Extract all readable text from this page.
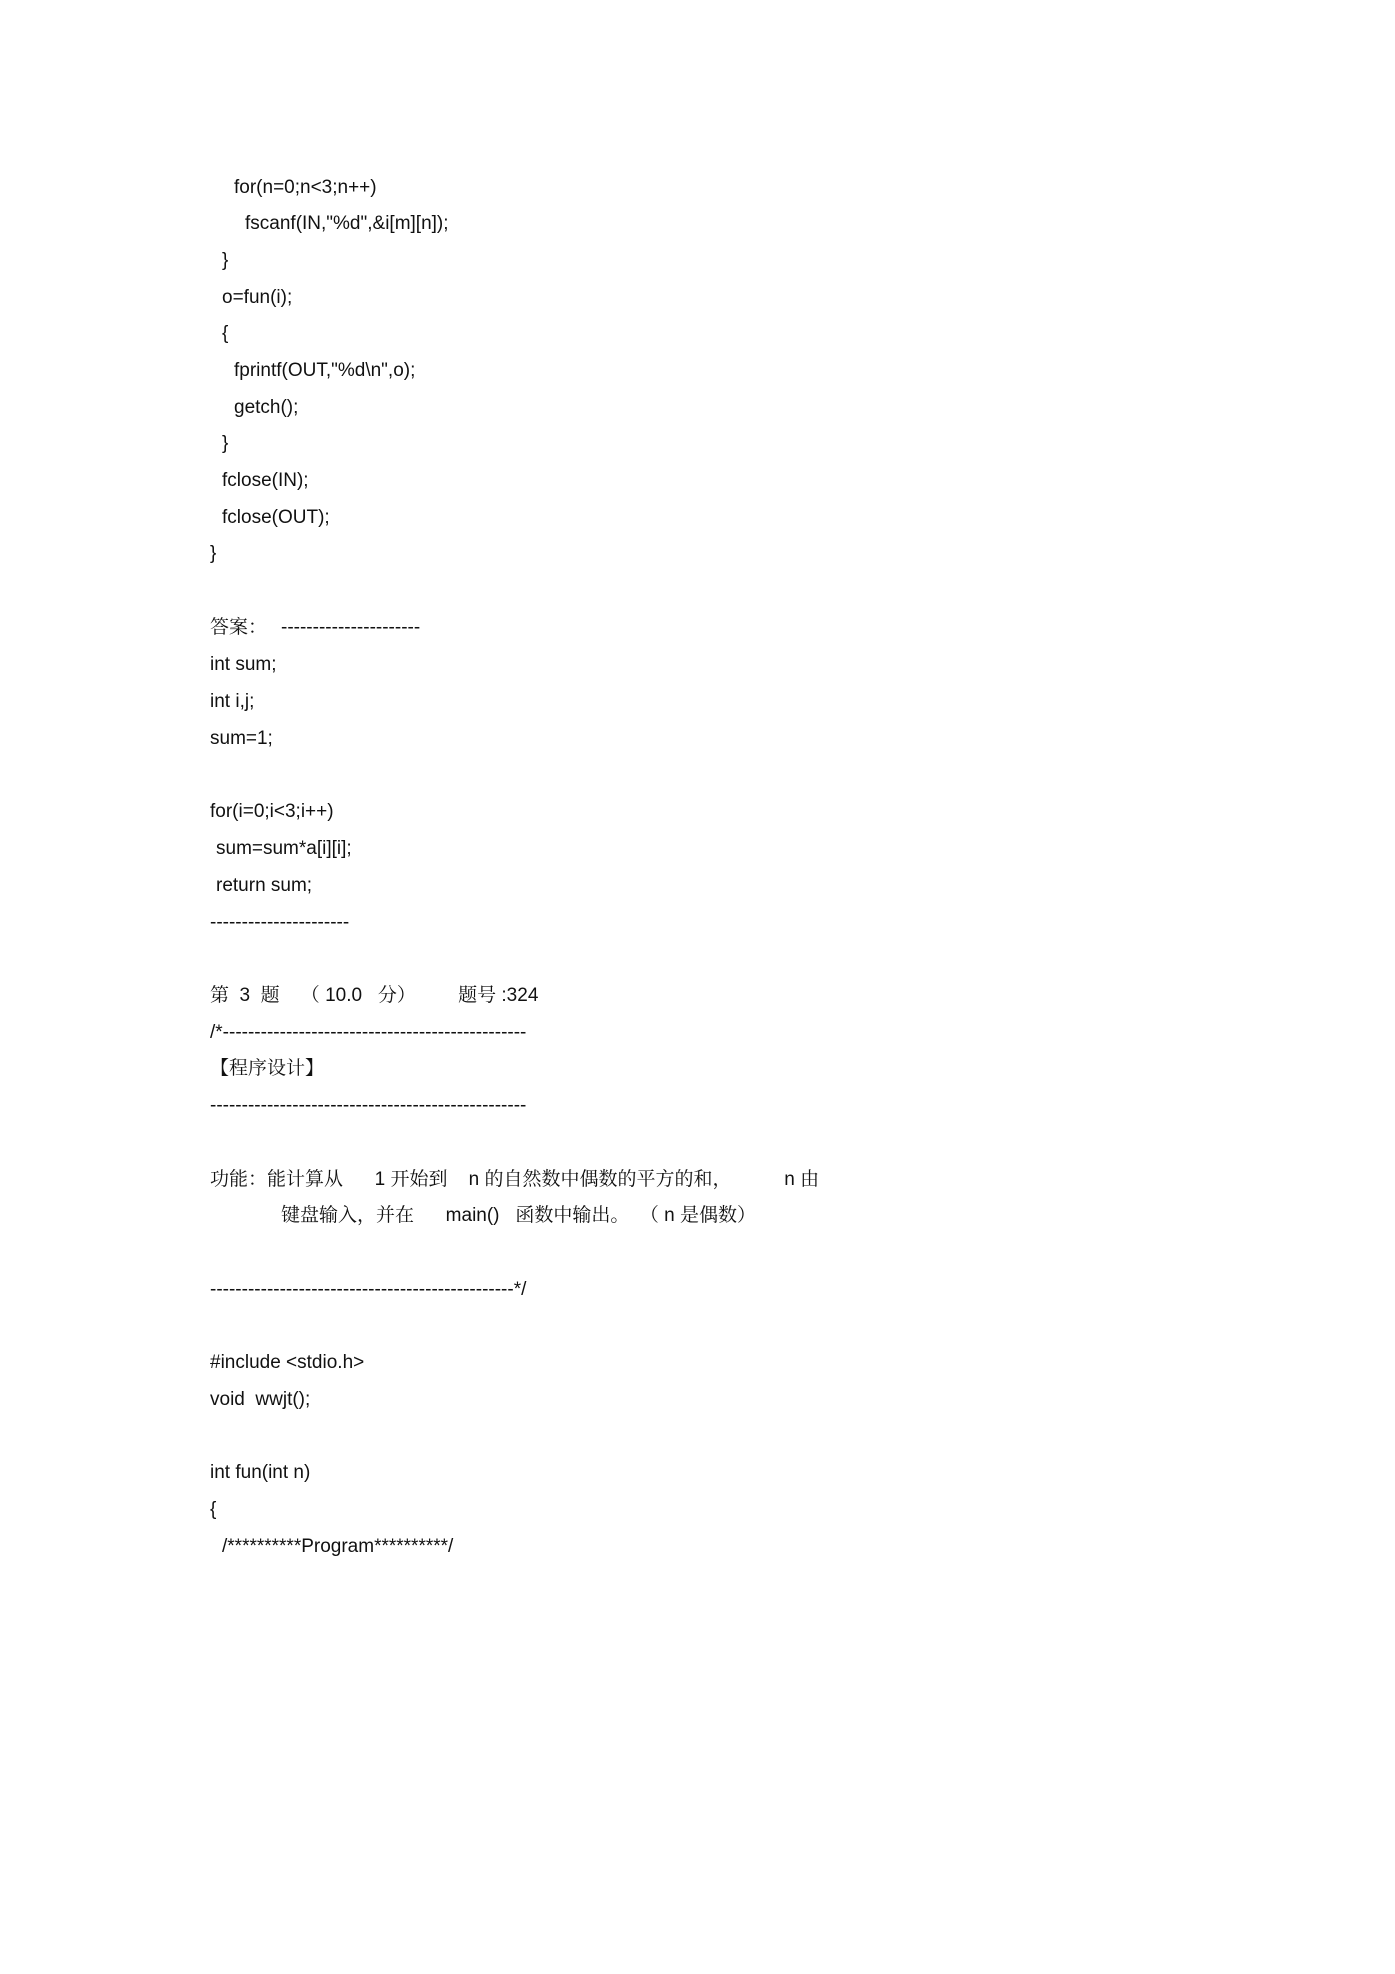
for(n=0;n<3;n++)

fscanf(IN,"%d",&i[m][n]);

}

o=fun(i);

{

fprintf(OUT,"%d\n",o);

getch();

}

fclose(IN);

fclose(OUT);

}

答案： ----------------------

int sum;

int i,j;

sum=1;

for(i=0;i<3;i++)

sum=sum*a[i][i];

return sum;

----------------------

第  3  题    （ 10.0   分）        题号 :324

/*------------------------------------------------

【程序设计】

--------------------------------------------------

功能：能计算从      1 开始到    n 的自然数中偶数的平方的和，          n 由

键盘输入，并在      main()   函数中输出。  （ n 是偶数）

------------------------------------------------*/

#include <stdio.h>

void  wwjt();

int fun(int n)

{

/**********Program**********/
